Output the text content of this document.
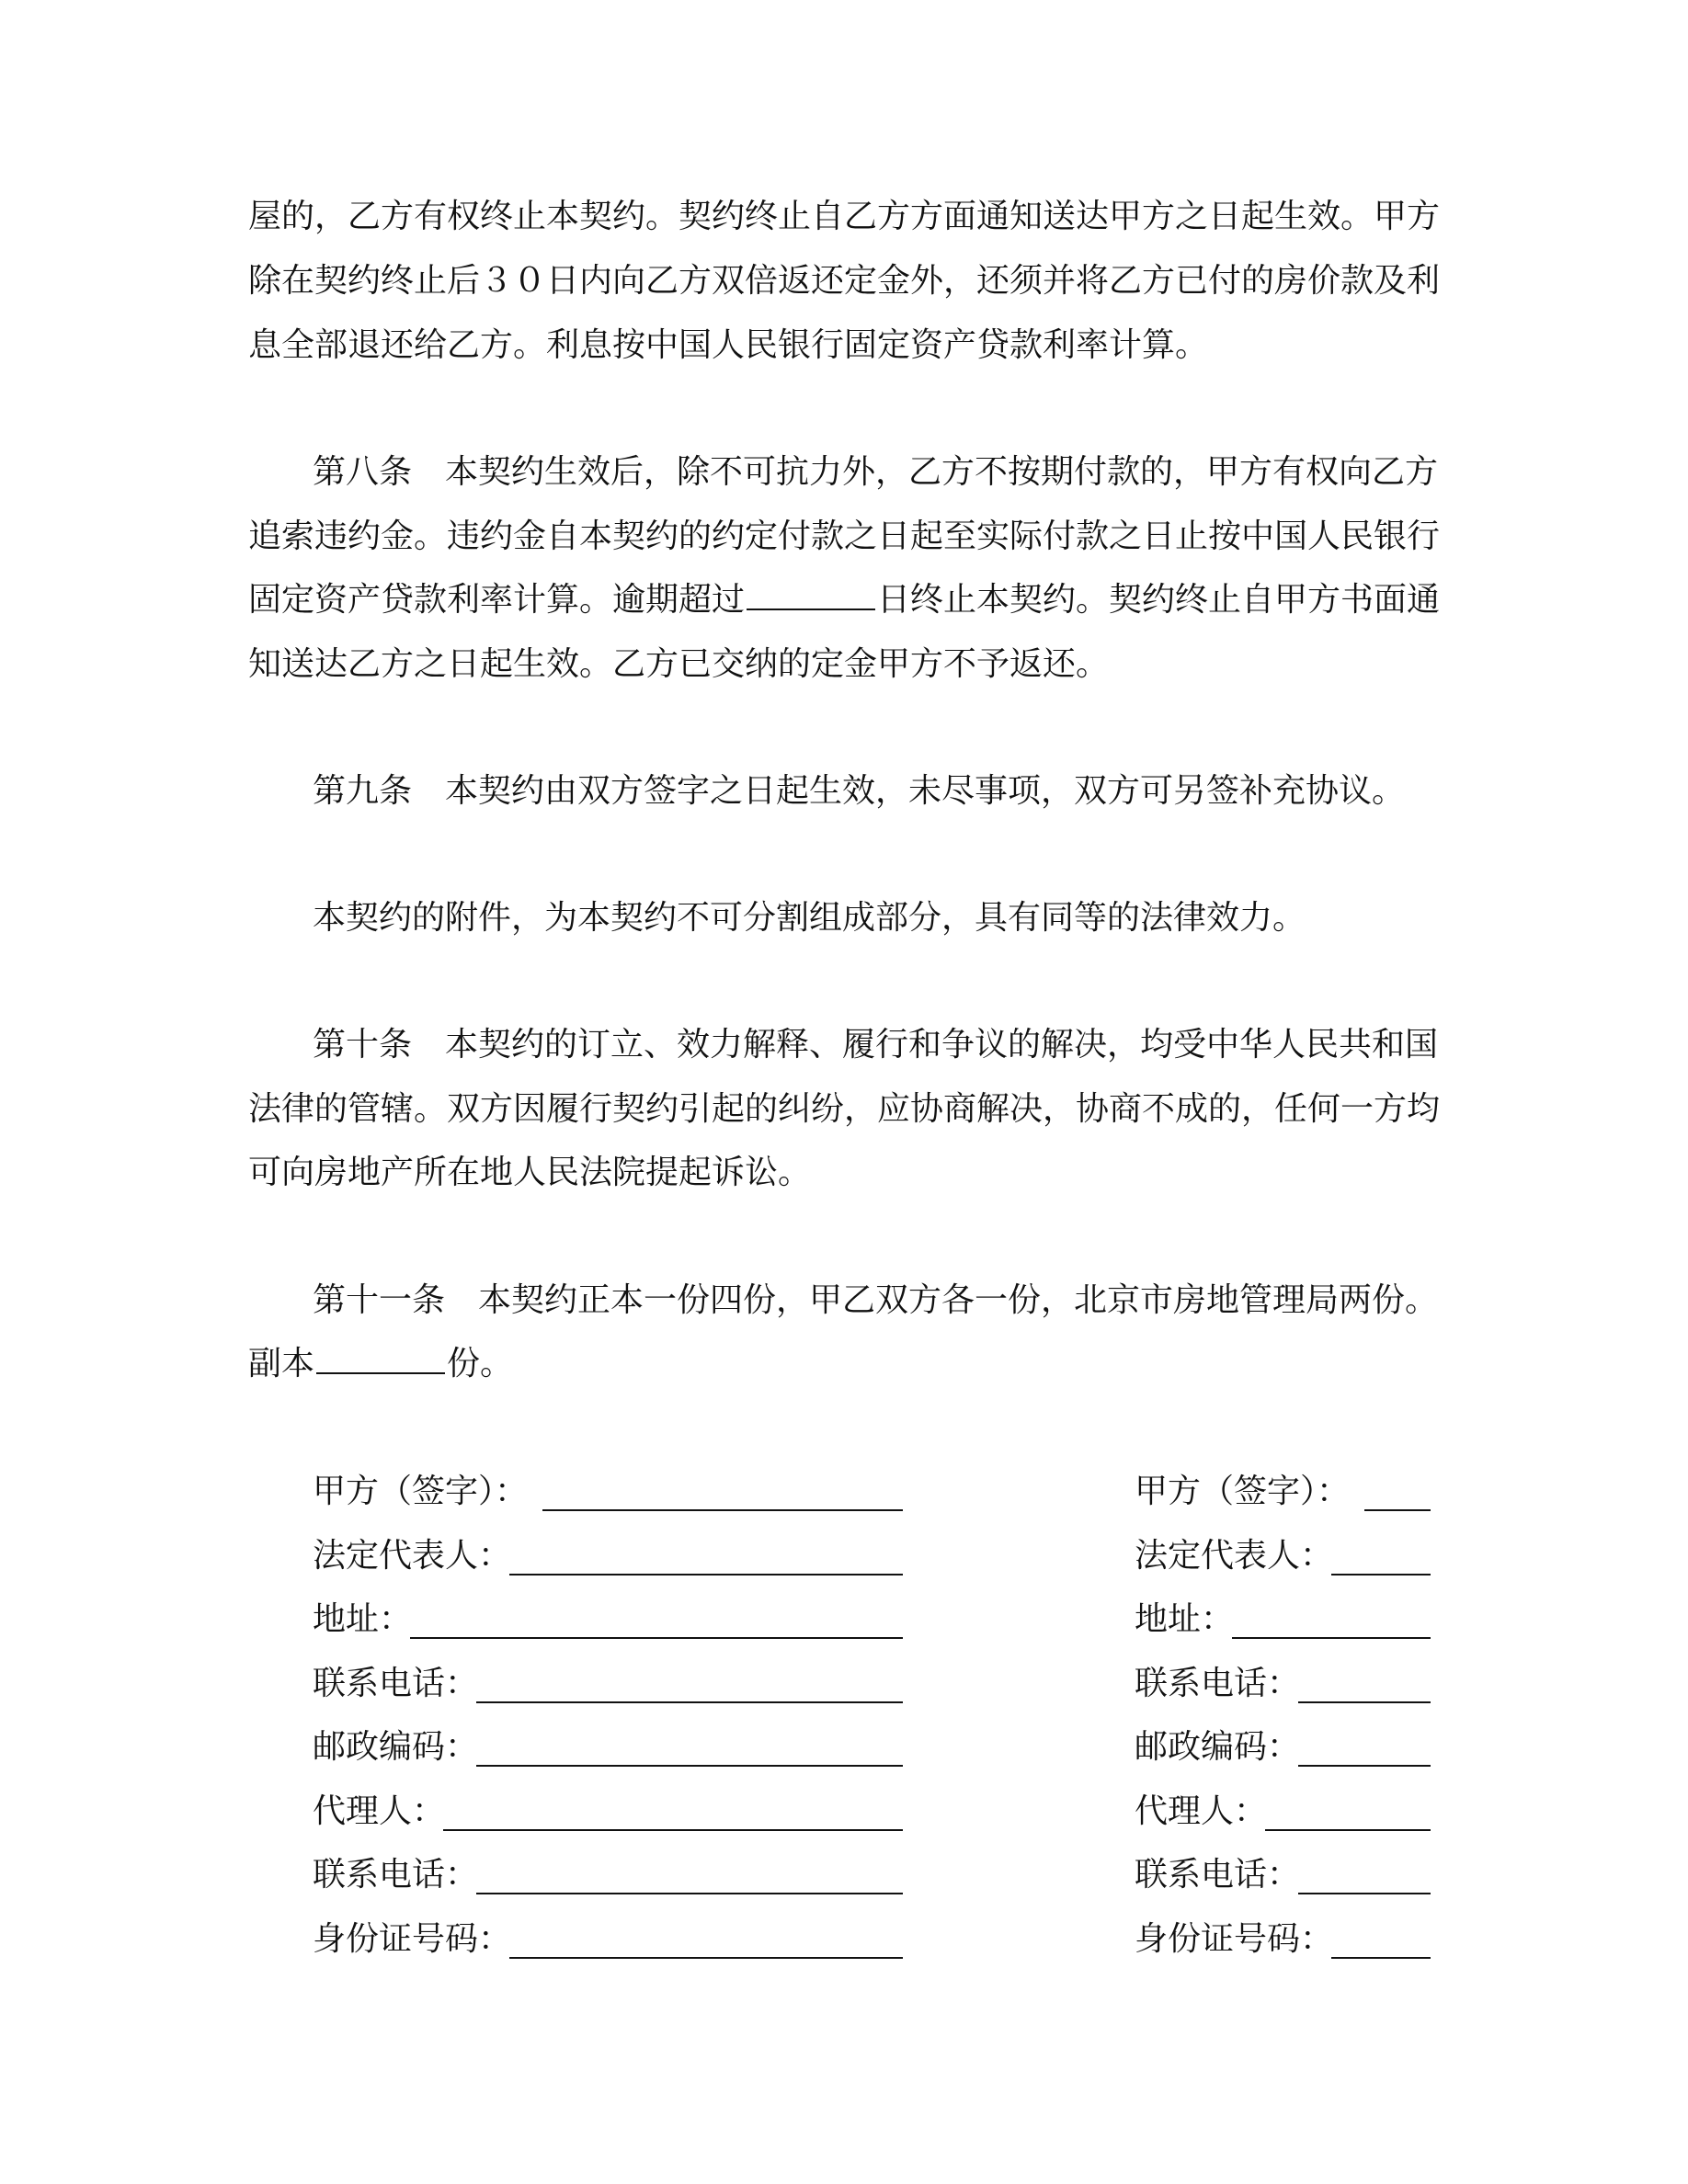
屋的，乙方有权终止本契约。契约终止自乙方方面通知送达甲方之日起生效。甲方
除在契约终止后３０日内向乙方双倍返还定金外，还须并将乙方已付的房价款及利
息全部退还给乙方。利息按中国人民银行固定资产贷款利率计算。
第八条　本契约生效后，除不可抗力外，乙方不按期付款的，甲方有权向乙方
追索违约金。违约金自本契约的约定付款之日起至实际付款之日止按中国人民银行
固定资产贷款利率计算。逾期超过	日终止本契约。契约终止自甲方书面通
知送达乙方之日起生效。乙方已交纳的定金甲方不予返还。
第九条　本契约由双方签字之日起生效，未尽事项，双方可另签补充协议。
本契约的附件，为本契约不可分割组成部分，具有同等的法律效力。
第十条　本契约的订立、效力解释、履行和争议的解决，均受中华人民共和国
法律的管辖。双方因履行契约引起的纠纷，应协商解决，协商不成的，任何一方均
可向房地产所在地人民法院提起诉讼。
第十一条　本契约正本一份四份，甲乙双方各一份，北京市房地管理局两份。
副本	份。
甲方（签字）：
法定代表人：
地址：
联系电话：
邮政编码：
代理人：
联系电话：
身份证号码：
甲方（签字）：
法定代表人：
地址：
联系电话：
邮政编码：
代理人：
联系电话：
身份证号码：
